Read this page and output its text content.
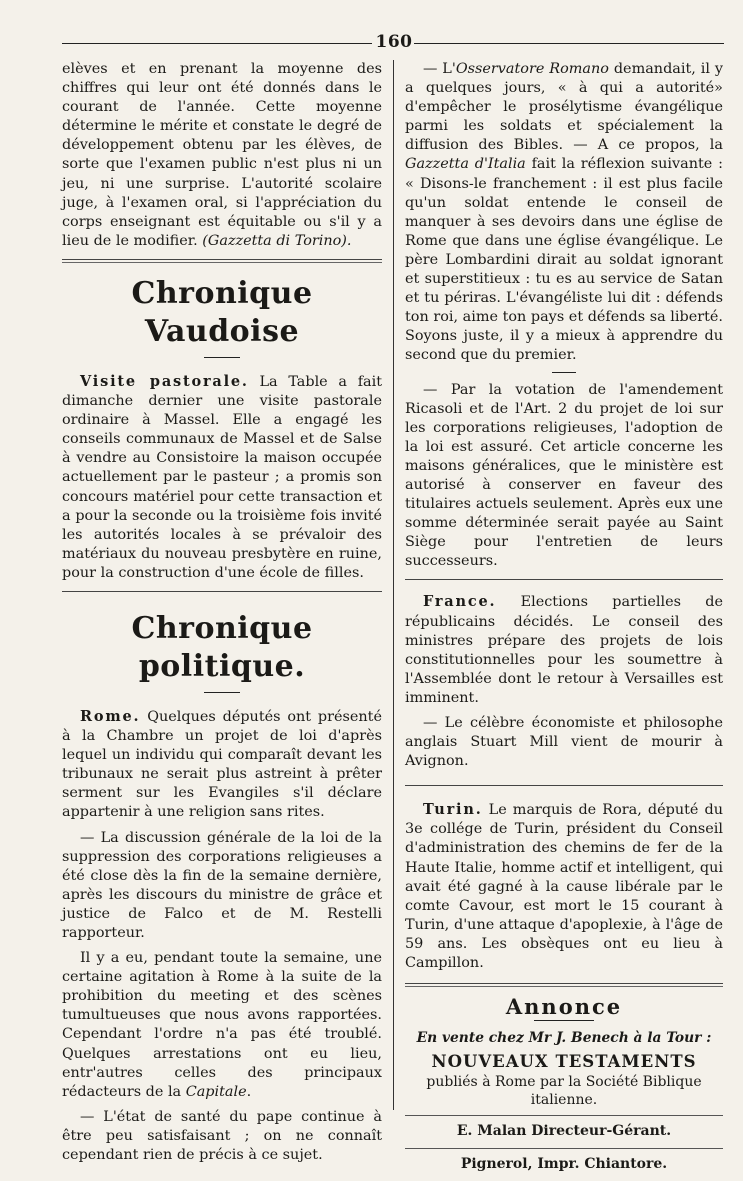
160

elèves et en prenant la moyenne des chiffres qui leur ont été donnés dans le courant de l'année. Cette moyenne détermine le mérite et constate le degré de développement obtenu par les élèves, de sorte que l'examen public n'est plus ni un jeu, ni une surprise. L'autorité scolaire juge, à l'examen oral, si l'appréciation du corps enseignant est équitable ou s'il y a lieu de le modifier. (Gazzetta di Torino).

Chronique Vaudoise

Visite pastorale. La Table a fait dimanche dernier une visite pastorale ordinaire à Massel. Elle a engagé les conseils communaux de Massel et de Salse à vendre au Consistoire la maison occupée actuellement par le pasteur ; a promis son concours matériel pour cette transaction et a pour la seconde ou la troisième fois invité les autorités locales à se prévaloir des matériaux du nouveau presbytère en ruine, pour la construction d'une école de filles.

Chronique politique.

Rome. Quelques députés ont présenté à la Chambre un projet de loi d'après lequel un individu qui comparaît devant les tribunaux ne serait plus astreint à prêter serment sur les Evangiles s'il déclare appartenir à une religion sans rites.

— La discussion générale de la loi de la suppression des corporations religieuses a été close dès la fin de la semaine dernière, après les discours du ministre de grâce et justice de Falco et de M. Restelli rapporteur.

Il y a eu, pendant toute la semaine, une certaine agitation à Rome à la suite de la prohibition du meeting et des scènes tumultueuses que nous avons rapportées. Cependant l'ordre n'a pas été troublé. Quelques arrestations ont eu lieu, entr'autres celles des principaux rédacteurs de la Capitale.

— L'état de santé du pape continue à être peu satisfaisant ; on ne connaît cependant rien de précis à ce sujet.

— L'Osservatore Romano demandait, il y a quelques jours, « à qui a autorité» d'empêcher le prosélytisme évangélique parmi les soldats et spécialement la diffusion des Bibles. — A ce propos, la Gazzetta d'Italia fait la réflexion suivante : « Disons-le franchement : il est plus facile qu'un soldat entende le conseil de manquer à ses devoirs dans une église de Rome que dans une église évangélique. Le père Lombardini dirait au soldat ignorant et superstitieux : tu es au service de Satan et tu périras. L'évangéliste lui dit : défends ton roi, aime ton pays et défends sa liberté. Soyons juste, il y a mieux à apprendre du second que du premier.

— Par la votation de l'amendement Ricasoli et de l'Art. 2 du projet de loi sur les corporations religieuses, l'adoption de la loi est assuré. Cet article concerne les maisons généralices, que le ministère est autorisé à conserver en faveur des titulaires actuels seulement. Après eux une somme déterminée serait payée au Saint Siège pour l'entretien de leurs successeurs.

France. Elections partielles de républicains décidés. Le conseil des ministres prépare des projets de lois constitutionnelles pour les soumettre à l'Assemblée dont le retour à Versailles est imminent.

— Le célèbre économiste et philosophe anglais Stuart Mill vient de mourir à Avignon.

Turin. Le marquis de Rora, député du 3e collége de Turin, président du Conseil d'administration des chemins de fer de la Haute Italie, homme actif et intelligent, qui avait été gagné à la cause libérale par le comte Cavour, est mort le 15 courant à Turin, d'une attaque d'apoplexie, à l'âge de 59 ans. Les obsèques ont eu lieu à Campillon.

Annonce
En vente chez Mr J. Benech à la Tour :
NOUVEAUX TESTAMENTS
publiés à Rome par la Société Biblique italienne.
E. Malan Directeur-Gérant.
Pignerol, Impr. Chiantore.
